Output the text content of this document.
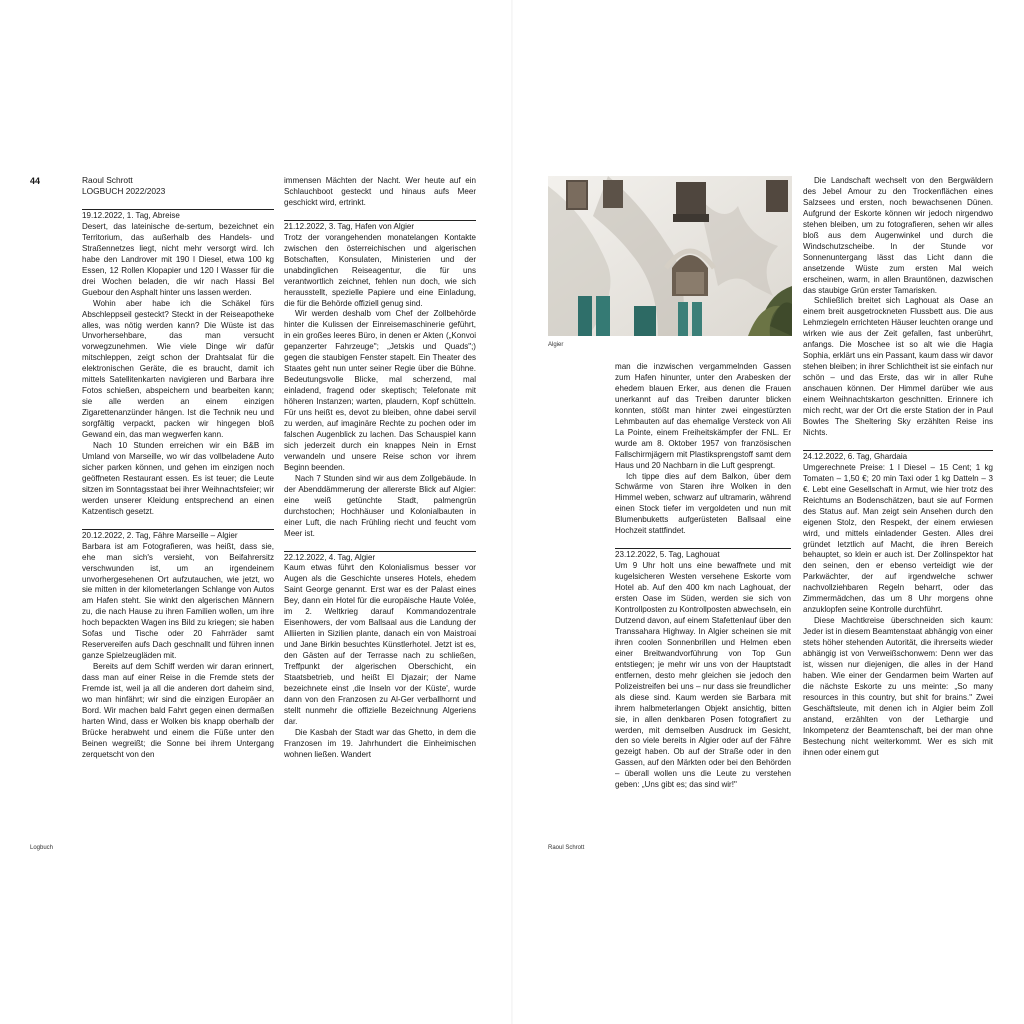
44	Raoul Schrott
LOGBUCH 2022/2023

19.12.2022, 1. Tag, Abreise

Desert, das lateinische de-sertum, bezeichnet ein Territorium, das außerhalb des Handels- und Straßennetzes liegt, nicht mehr versorgt wird. Ich habe den Landrover mit 190 l Diesel, etwa 100 kg Essen, 12 Rollen Klopapier und 120 l Wasser für die drei Wochen beladen, die wir nach Hassi Bel Guebour den Asphalt hinter uns lassen werden.

Wohin aber habe ich die Schäkel fürs Abschleppseil gesteckt? Steckt in der Reiseapotheke alles, was nötig werden kann? Die Wüste ist das Unvorhersehbare, das man versucht vorwegzunehmen. Wie viele Dinge wir dafür mitschleppen, zeigt schon der Drahtsalat für die elektronischen Geräte, die es braucht, damit ich mittels Satellitenkarten navigieren und Barbara ihre Fotos schießen, abspeichern und bearbeiten kann; sie alle werden an einem einzigen Zigarettenanzünder hängen. Ist die Technik neu und sorgfältig verpackt, packen wir hingegen bloß Gewand ein, das man wegwerfen kann.

Nach 10 Stunden erreichen wir ein B&B im Umland von Marseille, wo wir das vollbeladene Auto sicher parken können, und gehen im einzigen noch geöffneten Restaurant essen. Es ist teuer; die Leute sitzen im Sonntagsstaat bei ihrer Weihnachtsfeier; wir werden unserer Kleidung entsprechend an einen Katzentisch gesetzt.

20.12.2022, 2. Tag, Fähre Marseille – Algier

Barbara ist am Fotografieren, was heißt, dass sie, ehe man sich's versieht, von Beifahrersitz verschwunden ist, um an irgendeinem unvorhergesehenen Ort aufzutauchen, wie jetzt, wo sie mitten in der kilometerlangen Schlange von Autos am Hafen steht. Sie winkt den algerischen Männern zu, die nach Hause zu ihren Familien wollen, um ihre hoch bepackten Wagen ins Bild zu kriegen; sie haben Sofas und Tische oder 20 Fahrräder samt Reservereifen aufs Dach geschnallt und führen innen ganze Spielzeugläden mit.

Bereits auf dem Schiff werden wir daran erinnert, dass man auf einer Reise in die Fremde stets der Fremde ist, weil ja all die anderen dort daheim sind, wo man hinfährt; wir sind die einzigen Europäer an Bord. Wir machen bald Fahrt gegen einen dermaßen harten Wind, dass er Wolken bis knapp oberhalb der Brücke herabweht und einem die Füße unter den Beinen wegreißt; die Sonne bei ihrem Untergang zerquetscht von den

immensen Mächten der Nacht. Wer heute auf ein Schlauchboot gesteckt und hinaus aufs Meer geschickt wird, ertrinkt.

21.12.2022, 3. Tag, Hafen von Algier

Trotz der vorangehenden monatelangen Kontakte zwischen den österreichischen und algerischen Botschaften, Konsulaten, Ministerien und der unabdinglichen Reiseagentur, die für uns verantwortlich zeichnet, fehlen nun doch, wie sich herausstellt, spezielle Papiere und eine Einladung, die für die Behörde offiziell genug sind.

Wir werden deshalb vom Chef der Zollbehörde hinter die Kulissen der Einreisemaschinerie geführt, in ein großes leeres Büro, in denen er Akten („Konvoi gepanzerter Fahrzeuge"; „Jetskis und Quads";) gegen die staubigen Fenster stapelt. Ein Theater des Staates geht nun unter seiner Regie über die Bühne. Bedeutungsvolle Blicke, mal scherzend, mal einladend, fragend oder skeptisch; Telefonate mit höheren Instanzen; warten, plaudern, Kopf schütteln. Für uns heißt es, devot zu bleiben, ohne dabei servil zu werden, auf imaginäre Rechte zu pochen oder im falschen Augenblick zu lachen. Das Schauspiel kann sich jederzeit durch ein knappes Nein in Ernst verwandeln und unsere Reise schon vor ihrem Beginn beenden.

Nach 7 Stunden sind wir aus dem Zollgebäude. In der Abenddämmerung der allererste Blick auf Algier: eine weiß getünchte Stadt, palmengrün durchstochen; Hochhäuser und Kolonialbauten in einer Luft, die nach Frühling riecht und feucht vom Meer ist.

22.12.2022, 4. Tag, Algier

Kaum etwas führt den Kolonialismus besser vor Augen als die Geschichte unseres Hotels, ehedem Saint George genannt. Erst war es der Palast eines Bey, dann ein Hotel für die europäische Haute Volée, im 2. Weltkrieg darauf Kommandozentrale Eisenhowers, der vom Ballsaal aus die Landung der Alliierten in Sizilien plante, danach ein von Maistroai und Jane Birkin besuchtes Künstlerhotel. Jetzt ist es, den Gästen auf der Terrasse nach zu schließen, Treffpunkt der algerischen Oberschicht, ein Staatsbetrieb, und heißt El Djazair; der Name bezeichnete einst ‚die Inseln vor der Küste', wurde dann von den Franzosen zu Al-Ger verballhornt und stellt nunmehr die offizielle Bezeichnung Algeriens dar.

Die Kasbah der Stadt war das Ghetto, in dem die Franzosen im 19. Jahrhundert die Einheimischen wohnen ließen. Wandert

Logbuch
Algier

man die inzwischen vergammelnden Gassen zum Hafen hinunter, unter den Arabesken der ehedem blauen Erker, aus denen die Frauen unerkannt auf das Treiben darunter blicken konnten, stößt man hinter zwei eingestürzten Lehmbauten auf das ehemalige Versteck von Ali La Pointe, einem Freiheitskämpfer der FNL. Er wurde am 8. Oktober 1957 von französischen Fallschirmjägern mit Plastiksprengstoff samt dem Haus und 20 Nachbarn in die Luft gesprengt.

Ich tippe dies auf dem Balkon, über dem Schwärme von Staren ihre Wolken in den Himmel weben, schwarz auf ultramarin, während einen Stock tiefer im vergoldeten und nun mit Blumenbuketts aufgerüsteten Ballsaal eine Hochzeit stattfindet.

23.12.2022, 5. Tag, Laghouat

Um 9 Uhr holt uns eine bewaffnete und mit kugelsicheren Westen versehene Eskorte vom Hotel ab. Auf den 400 km nach Laghouat, der ersten Oase im Süden, werden sie sich von Kontrollposten zu Kontrollposten abwechseln, ein Dutzend davon, auf einem Stafettenlauf über den Transsahara Highway. In Algier scheinen sie mit ihren coolen Sonnenbrillen und Helmen eben einer Breitwandvorführung von Top Gun entstiegen; je mehr wir uns von der Hauptstadt entfernen, desto mehr gleichen sie jedoch den Polizeistreifen bei uns – nur dass sie freundlicher als diese sind. Kaum werden sie Barbara mit ihrem halbmeterlangen Objekt ansichtig, bitten sie, in allen denkbaren Posen fotografiert zu werden, mit demselben Ausdruck im Gesicht, den so viele bereits in Algier oder auf der Fähre gezeigt haben. Ob auf der Straße oder in den Gassen, auf den Märkten oder bei den Behörden – überall wollen uns die Leute zu verstehen geben: „Uns gibt es; das sind wir!"

Die Landschaft wechselt von den Bergwäldern des Jebel Amour zu den Trockenflächen eines Salzsees und ersten, noch bewachsenen Dünen. Aufgrund der Eskorte können wir jedoch nirgendwo stehen bleiben, um zu fotografieren, sehen wir alles bloß aus dem Augenwinkel und durch die Windschutzscheibe. In der Stunde vor Sonnenuntergang lässt das Licht dann die ansetzende Wüste zum ersten Mal weich erscheinen, warm, in allen Brauntönen, dazwischen das staubige Grün erster Tamarisken.

Schließlich breitet sich Laghouat als Oase an einem breit ausgetrockneten Flussbett aus. Die aus Lehmziegeln errichteten Häuser leuchten orange und wirken wie aus der Zeit gefallen, fast unberührt, anfangs. Die Moschee ist so alt wie die Hagia Sophia, erklärt uns ein Passant, kaum dass wir davor stehen bleiben; in ihrer Schlichtheit ist sie einfach nur schön – und das Erste, das wir in aller Ruhe anschauen können. Der Himmel darüber wie aus einem Weihnachtskarton geschnitten. Erinnere ich mich recht, war der Ort die erste Station der in Paul Bowles The Sheltering Sky erzählten Reise ins Nichts.

24.12.2022, 6. Tag, Ghardaia

Umgerechnete Preise: 1 l Diesel – 15 Cent; 1 kg Tomaten – 1,50 €; 20 min Taxi oder 1 kg Datteln – 3 €. Lebt eine Gesellschaft in Armut, wie hier trotz des Reichtums an Bodenschätzen, baut sie auf Formen des Status auf. Man zeigt sein Ansehen durch den eigenen Stolz, den Respekt, der einem erwiesen wird, und mittels einladender Gesten. Alles drei gründet letztlich auf Macht, die ihren Bereich behauptet, so klein er auch ist. Der Zollinspektor hat den seinen, den er ebenso verteidigt wie der Parkwächter, der auf irgendwelche schwer nachvollziehbaren Regeln beharrt, oder das Zimmermädchen, das um 8 Uhr morgens ohne anzuklopfen seine Kontrolle durchführt.

Diese Machtkreise überschneiden sich kaum: Jeder ist in diesem Beamtenstaat abhängig von einer stets höher stehenden Autorität, die ihrerseits wieder abhängig ist von Verweißschonwem: Denn wer das ist, wissen nur diejenigen, die alles in der Hand haben. Wie einer der Gendarmen beim Warten auf die nächste Eskorte zu uns meinte: „So many resources in this country, but shit for brains." Zwei Geschäftsleute, mit denen ich in Algier beim Zoll anstand, erzählten von der Lethargie und Inkompetenz der Beamtenschaft, bei der man ohne Bestechung nicht weiterkommt. Wer es sich mit ihnen oder einem gut

Raoul Schrott
